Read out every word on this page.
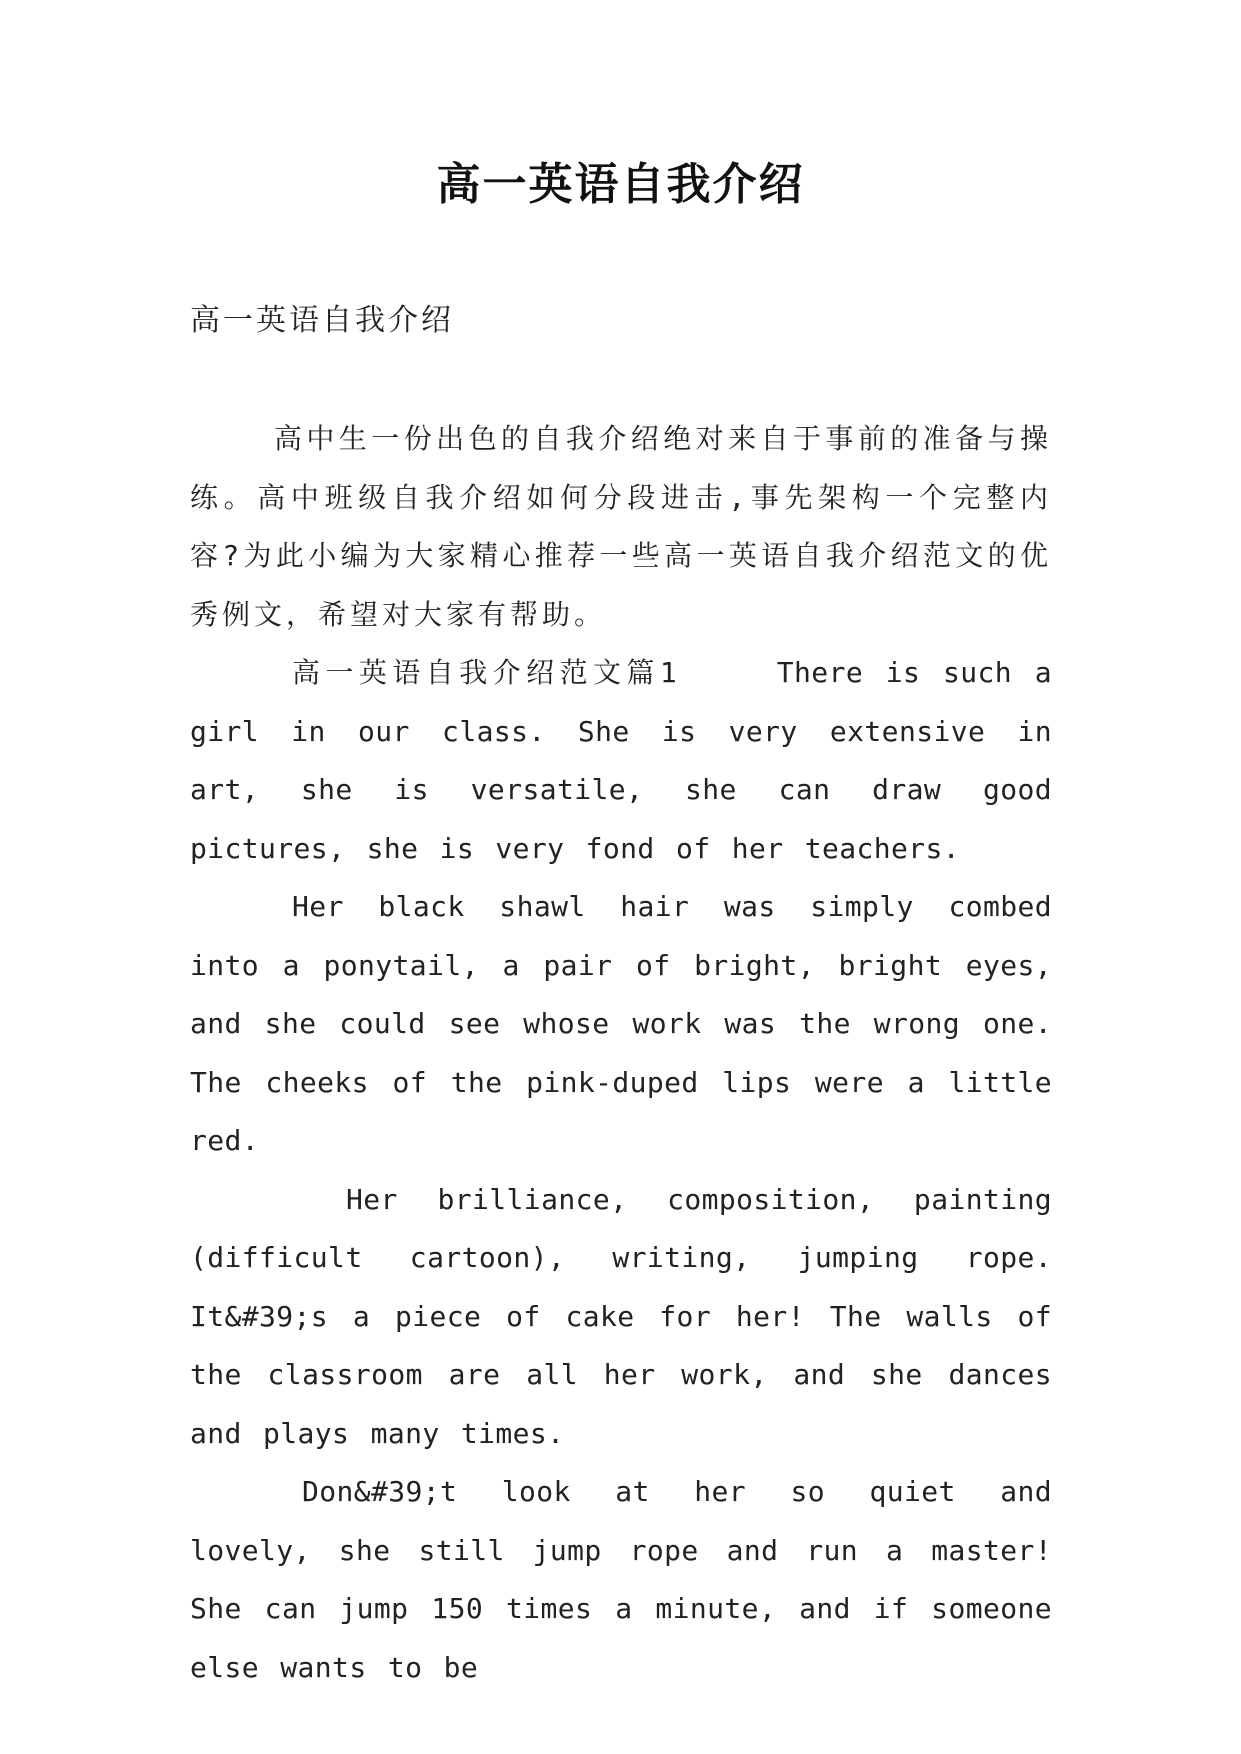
高一英语自我介绍
高一英语自我介绍

高中生一份出色的自我介绍绝对来自于事前的准备与操练。高中班级自我介绍如何分段进击,事先架构一个完整内容?为此小编为大家精心推荐一些高一英语自我介绍范文的优秀例文，希望对大家有帮助。

高一英语自我介绍范文篇1	There is such a girl in our class. She is very extensive in art, she is versatile, she can draw good pictures, she is very fond of her teachers.

Her black shawl hair was simply combed into a ponytail, a pair of bright, bright eyes, and she could see whose work was the wrong one. The cheeks of the pink-duped lips were a little red.

Her brilliance, composition, painting (difficult cartoon), writing, jumping rope. It&#39;s a piece of cake for her! The walls of the classroom are all her work, and she dances and plays many times.

Don&#39;t look at her so quiet and lovely, she still jump rope and run a master! She can jump 150 times a minute, and if someone else wants to be
